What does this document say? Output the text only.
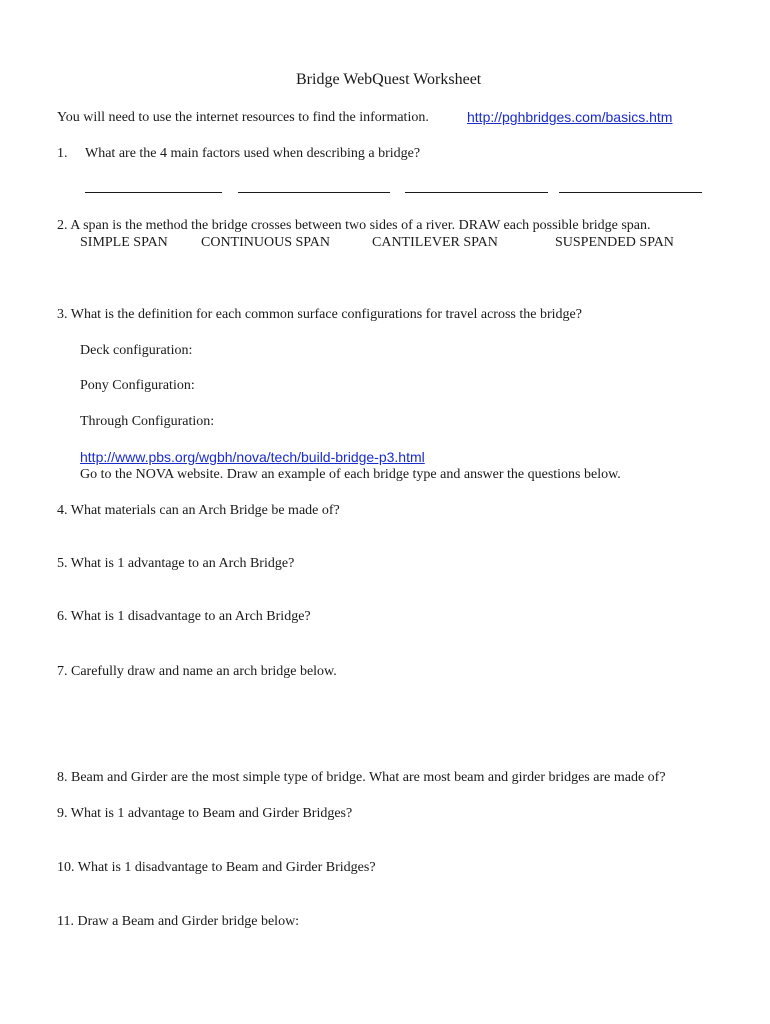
Bridge WebQuest Worksheet
You will need to use the internet resources to find the information.	http://pghbridges.com/basics.htm
1. What are the 4 main factors used when describing a bridge?
2. A span is the method the bridge crosses between two sides of a river. DRAW each possible bridge span.
SIMPLE SPAN CONTINUOUS SPAN	CANTILEVER SPAN	SUSPENDED SPAN
3. What is the definition for each common surface configurations for travel across the bridge?
Deck configuration:
Pony Configuration:
Through Configuration:
http://www.pbs.org/wgbh/nova/tech/build-bridge-p3.html
Go to the NOVA website. Draw an example of each bridge type and answer the questions below.
4. What materials can an Arch Bridge be made of?
5. What is 1 advantage to an Arch Bridge?
6. What is 1 disadvantage to an Arch Bridge?
7. Carefully draw and name an arch bridge below.
8. Beam and Girder are the most simple type of bridge. What are most beam and girder bridges are made of?
9. What is 1 advantage to Beam and Girder Bridges?
10. What is 1 disadvantage to Beam and Girder Bridges?
11. Draw a Beam and Girder bridge below:
